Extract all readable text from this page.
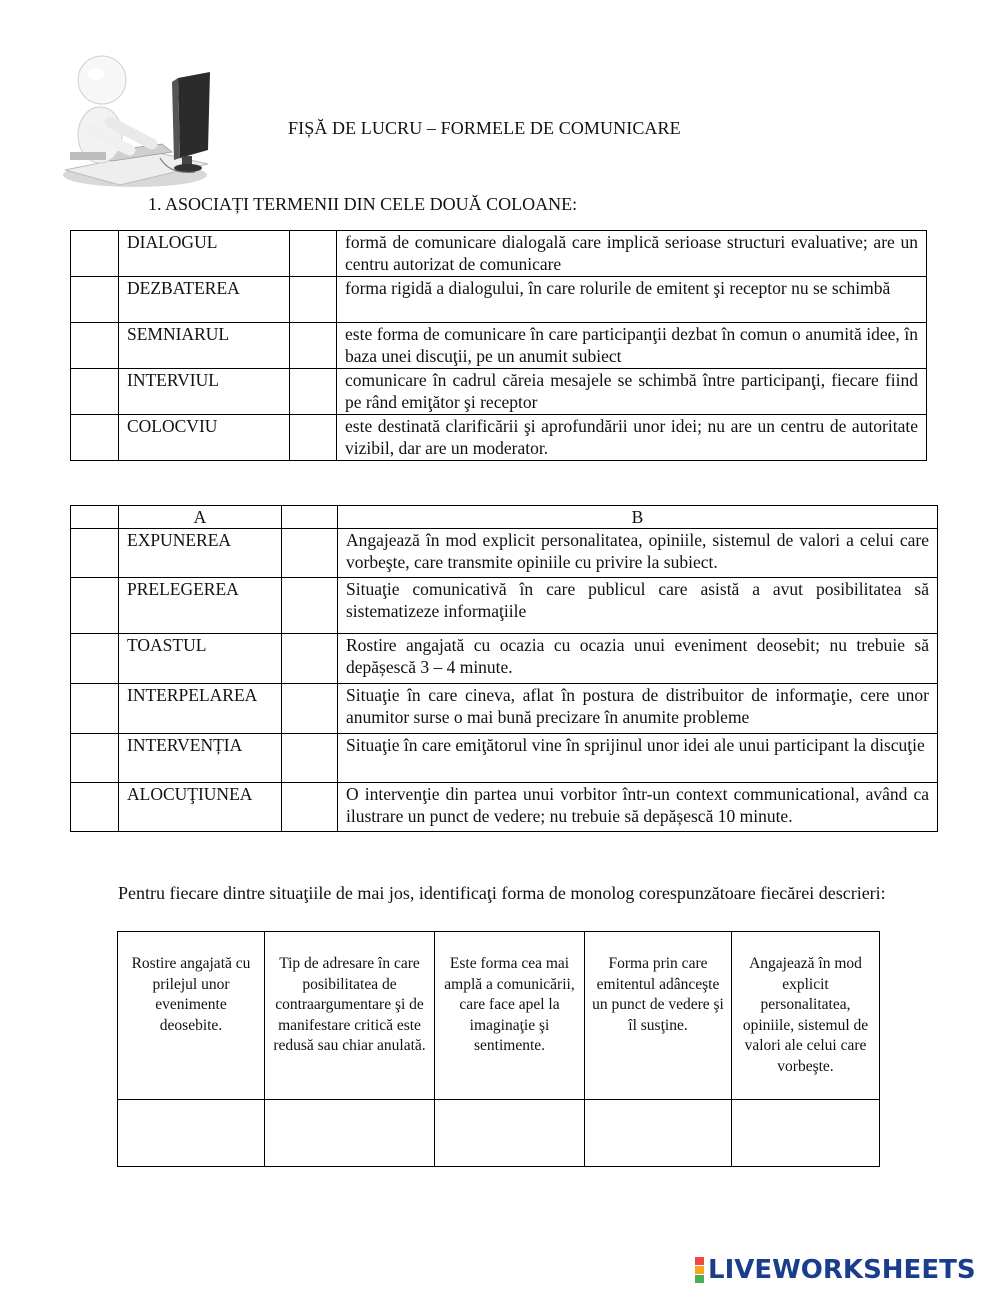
FIȘĂ DE LUCRU – FORMELE DE COMUNICARE
1. ASOCIAȚI TERMENII DIN CELE DOUĂ COLOANE:
	DIALOGUL		formă de comunicare dialogală care implică serioase structuri evaluative; are un centru autorizat de comunicare
	DEZBATEREA		forma rigidă a dialogului, în care rolurile de emitent şi receptor nu se schimbă
	SEMNIARUL		este forma de comunicare în care participanţii dezbat în comun o anumită idee, în baza unei discuţii, pe un anumit subiect
	INTERVIUL		comunicare în cadrul căreia mesajele se schimbă între participanţi, fiecare fiind pe rând emiţător şi receptor
	COLOCVIU		este destinată clarificării şi aprofundării unor idei; nu are un centru de autoritate vizibil, dar are un moderator.
	A		B
	EXPUNEREA		Angajează în mod explicit personalitatea, opiniile, sistemul de valori a celui care vorbeşte, care transmite opiniile cu privire la subiect.
	PRELEGEREA		Situaţie comunicativă în care publicul care asistă a avut posibilitatea să sistematizeze informaţiile
	TOASTUL		Rostire angajată cu ocazia cu ocazia unui eveniment deosebit; nu trebuie să depășescă 3 – 4 minute.
	INTERPELAREA		Situaţie în care cineva, aflat în postura de distribuitor de informaţie, cere unor anumitor surse o mai bună precizare în anumite probleme
	INTERVENȚIA		Situaţie în care emiţătorul vine în sprijinul unor idei ale unui participant la discuţie
	ALOCUŢIUNEA		O intervenţie din partea unui vorbitor într-un context communicational, având ca ilustrare un punct de vedere; nu trebuie să depășescă 10 minute.
Pentru fiecare dintre situaţiile de mai jos, identificaţi forma de monolog corespunzătoare fiecărei descrieri:
Rostire angajată cu prilejul unor evenimente deosebite.	Tip de adresare în care posibilitatea de contraargumentare şi de manifestare critică este redusă sau chiar anulată.	Este forma cea mai amplă a comunicării, care face apel la imaginaţie şi sentimente.	Forma prin care emitentul adânceşte un punct de vedere şi îl susţine.	Angajează în mod explicit personalitatea, opiniile, sistemul de valori ale celui care vorbeşte.

LIVEWORKSHEETS
